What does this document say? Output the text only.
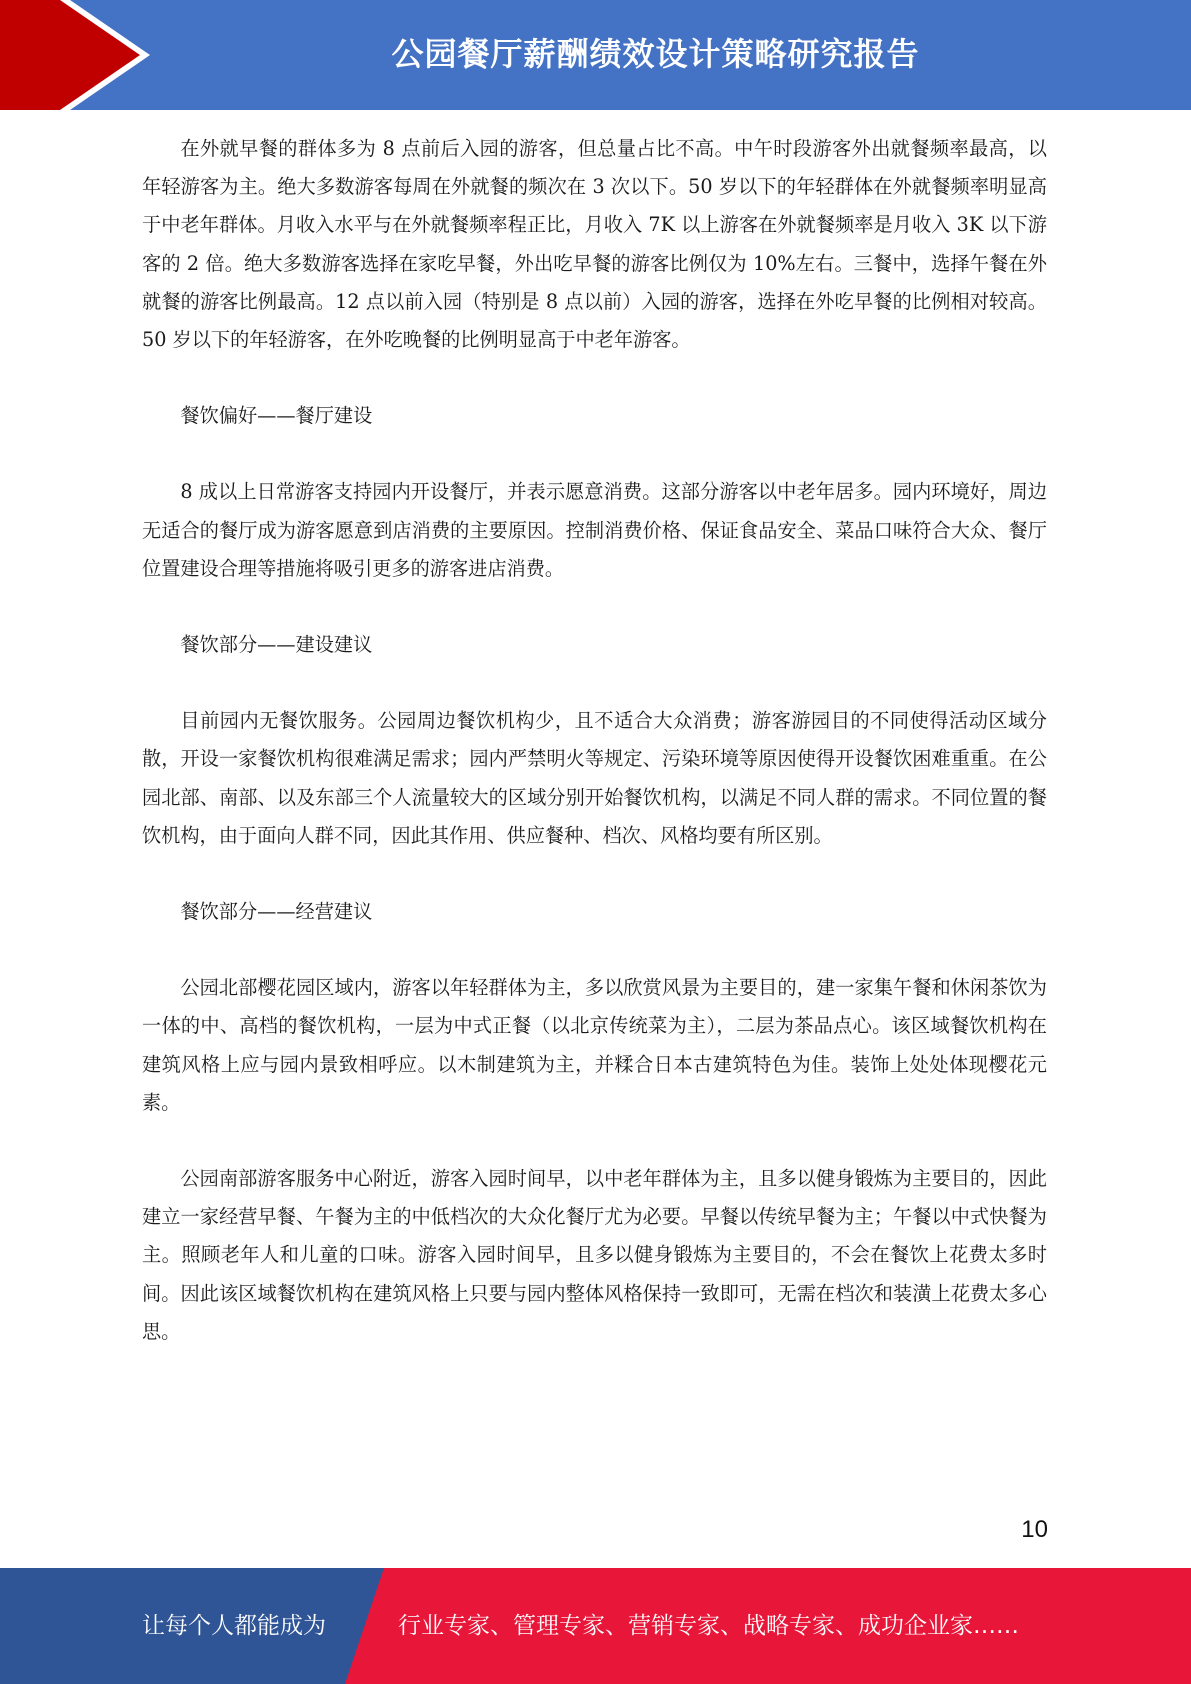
公园餐厅薪酬绩效设计策略研究报告

在外就早餐的群体多为 8 点前后入园的游客，但总量占比不高。中午时段游客外出就餐频率最高，以年轻游客为主。绝大多数游客每周在外就餐的频次在 3 次以下。50 岁以下的年轻群体在外就餐频率明显高于中老年群体。月收入水平与在外就餐频率程正比，月收入 7K 以上游客在外就餐频率是月收入 3K 以下游客的 2 倍。绝大多数游客选择在家吃早餐，外出吃早餐的游客比例仅为 10%左右。三餐中，选择午餐在外就餐的游客比例最高。12 点以前入园（特别是 8 点以前）入园的游客，选择在外吃早餐的比例相对较高。50 岁以下的年轻游客，在外吃晚餐的比例明显高于中老年游客。

餐饮偏好——餐厅建设

8 成以上日常游客支持园内开设餐厅，并表示愿意消费。这部分游客以中老年居多。园内环境好，周边无适合的餐厅成为游客愿意到店消费的主要原因。控制消费价格、保证食品安全、菜品口味符合大众、餐厅位置建设合理等措施将吸引更多的游客进店消费。

餐饮部分——建设建议

目前园内无餐饮服务。公园周边餐饮机构少，且不适合大众消费；游客游园目的不同使得活动区域分散，开设一家餐饮机构很难满足需求；园内严禁明火等规定、污染环境等原因使得开设餐饮困难重重。在公园北部、南部、以及东部三个人流量较大的区域分别开始餐饮机构，以满足不同人群的需求。不同位置的餐饮机构，由于面向人群不同，因此其作用、供应餐种、档次、风格均要有所区别。

餐饮部分——经营建议

公园北部樱花园区域内，游客以年轻群体为主，多以欣赏风景为主要目的，建一家集午餐和休闲茶饮为一体的中、高档的餐饮机构，一层为中式正餐（以北京传统菜为主），二层为茶品点心。该区域餐饮机构在建筑风格上应与园内景致相呼应。以木制建筑为主，并糅合日本古建筑特色为佳。装饰上处处体现樱花元素。

公园南部游客服务中心附近，游客入园时间早，以中老年群体为主，且多以健身锻炼为主要目的，因此建立一家经营早餐、午餐为主的中低档次的大众化餐厅尤为必要。早餐以传统早餐为主；午餐以中式快餐为主。照顾老年人和儿童的口味。游客入园时间早，且多以健身锻炼为主要目的，不会在餐饮上花费太多时间。因此该区域餐饮机构在建筑风格上只要与园内整体风格保持一致即可，无需在档次和装潢上花费太多心思。

10
让每个人都能成为	行业专家、管理专家、营销专家、战略专家、成功企业家……
